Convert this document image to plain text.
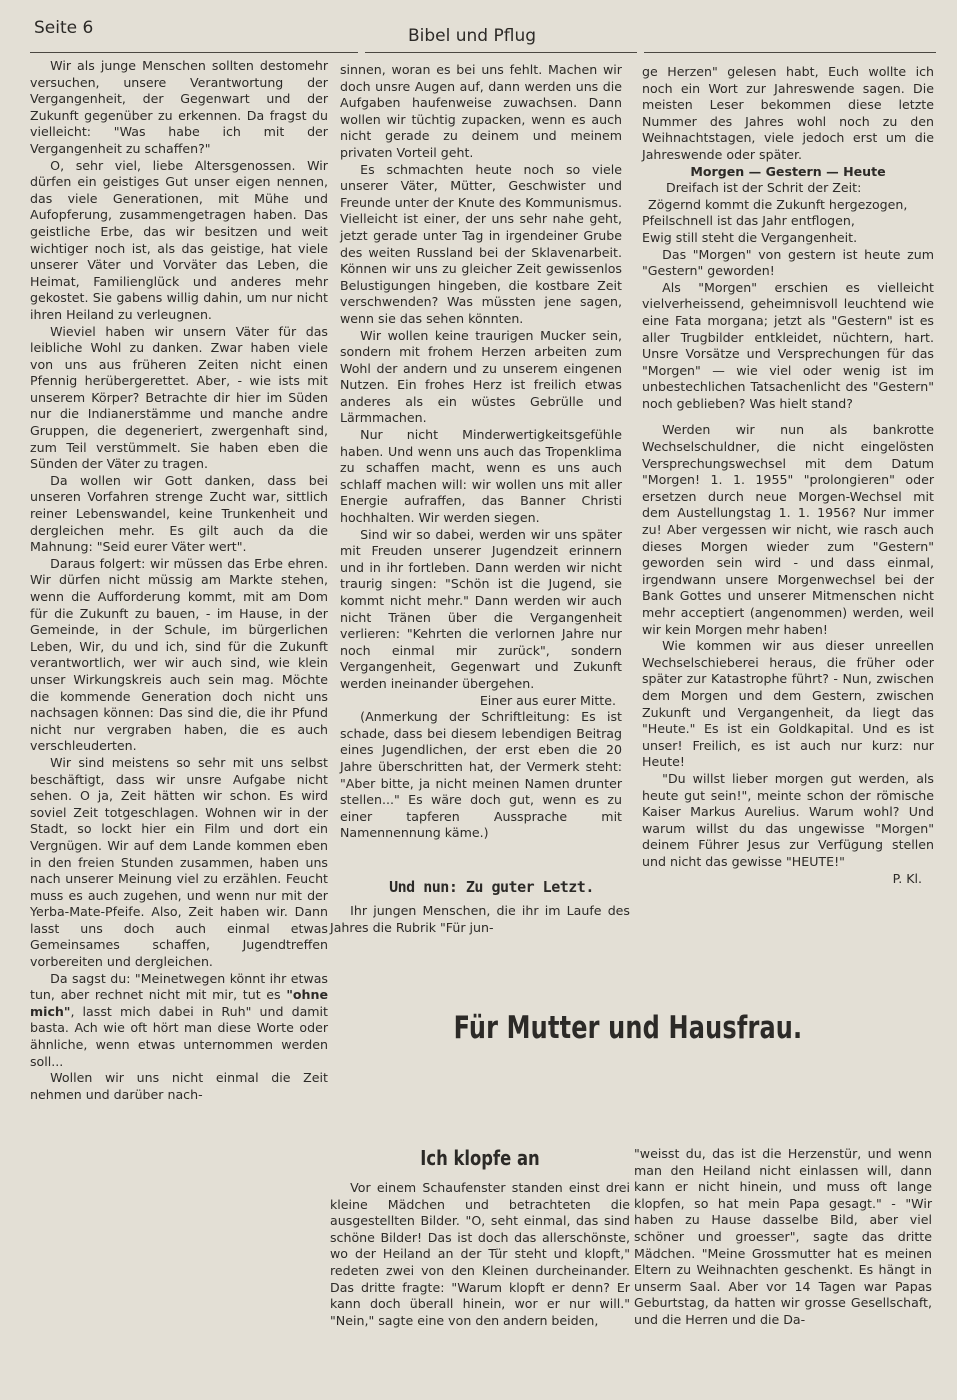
Seite 6	Bibel und Pflug

Wir als junge Menschen sollten destomehr versuchen, unsere Verantwortung der Vergangenheit, der Gegenwart und der Zukunft gegenüber zu erkennen. Da fragst du vielleicht: "Was habe ich mit der Vergangenheit zu schaffen?"

O, sehr viel, liebe Altersgenossen. Wir dürfen ein geistiges Gut unser eigen nennen, das viele Generationen, mit Mühe und Aufopferung, zusammengetragen haben. Das geistliche Erbe, das wir besitzen und weit wichtiger noch ist, als das geistige, hat viele unserer Väter und Vorväter das Leben, die Heimat, Familienglück und anderes mehr gekostet. Sie gabens willig dahin, um nur nicht ihren Heiland zu verleugnen.

Wieviel haben wir unsern Väter für das leibliche Wohl zu danken. Zwar haben viele von uns aus früheren Zeiten nicht einen Pfennig herübergerettet. Aber, - wie ists mit unserem Körper? Betrachte dir hier im Süden nur die Indianerstämme und manche andre Gruppen, die degeneriert, zwergenhaft sind, zum Teil verstümmelt. Sie haben eben die Sünden der Väter zu tragen.

Da wollen wir Gott danken, dass bei unseren Vorfahren strenge Zucht war, sittlich reiner Lebenswandel, keine Trunkenheit und dergleichen mehr. Es gilt auch da die Mahnung: "Seid eurer Väter wert".

Daraus folgert: wir müssen das Erbe ehren. Wir dürfen nicht müssig am Markte stehen, wenn die Aufforderung kommt, mit am Dom für die Zukunft zu bauen, - im Hause, in der Gemeinde, in der Schule, im bürgerlichen Leben, Wir, du und ich, sind für die Zukunft verantwortlich, wer wir auch sind, wie klein unser Wirkungskreis auch sein mag. Möchte die kommende Generation doch nicht uns nachsagen können: Das sind die, die ihr Pfund nicht nur vergraben haben, die es auch verschleuderten.

Wir sind meistens so sehr mit uns selbst beschäftigt, dass wir unsre Aufgabe nicht sehen. O ja, Zeit hätten wir schon. Es wird soviel Zeit totgeschlagen. Wohnen wir in der Stadt, so lockt hier ein Film und dort ein Vergnügen. Wir auf dem Lande kommen eben in den freien Stunden zusammen, haben uns nach unserer Meinung viel zu erzählen. Feucht muss es auch zugehen, und wenn nur mit der Yerba-Mate-Pfeife. Also, Zeit haben wir. Dann lasst uns doch auch einmal etwas Gemeinsames schaffen, Jugendtreffen vorbereiten und dergleichen.

Da sagst du: "Meinetwegen könnt ihr etwas tun, aber rechnet nicht mit mir, tut es "ohne mich", lasst mich dabei in Ruh" und damit basta. Ach wie oft hört man diese Worte oder ähnliche, wenn etwas unternommen werden soll...

Wollen wir uns nicht einmal die Zeit nehmen und darüber nach-

sinnen, woran es bei uns fehlt. Machen wir doch unsre Augen auf, dann werden uns die Aufgaben haufenweise zuwachsen. Dann wollen wir tüchtig zupacken, wenn es auch nicht gerade zu deinem und meinem privaten Vorteil geht.

Es schmachten heute noch so viele unserer Väter, Mütter, Geschwister und Freunde unter der Knute des Kommunismus. Vielleicht ist einer, der uns sehr nahe geht, jetzt gerade unter Tag in irgendeiner Grube des weiten Russland bei der Sklavenarbeit. Können wir uns zu gleicher Zeit gewissenlos Belustigungen hingeben, die kostbare Zeit verschwenden? Was müssten jene sagen, wenn sie das sehen könnten.

Wir wollen keine traurigen Mucker sein, sondern mit frohem Herzen arbeiten zum Wohl der andern und zu unserem eingenen Nutzen. Ein frohes Herz ist freilich etwas anderes als ein wüstes Gebrülle und Lärmmachen.

Nur nicht Minderwertigkeitsgefühle haben. Und wenn uns auch das Tropenklima zu schaffen macht, wenn es uns auch schlaff machen will: wir wollen uns mit aller Energie aufraffen, das Banner Christi hochhalten. Wir werden siegen.

Sind wir so dabei, werden wir uns später mit Freuden unserer Jugendzeit erinnern und in ihr fortleben. Dann werden wir nicht traurig singen: "Schön ist die Jugend, sie kommt nicht mehr." Dann werden wir auch nicht Tränen über die Vergangenheit verlieren: "Kehrten die verlornen Jahre nur noch einmal mir zurück", sondern Vergangenheit, Gegenwart und Zukunft werden ineinander übergehen.

Einer aus eurer Mitte.

(Anmerkung der Schriftleitung: Es ist schade, dass bei diesem lebendigen Beitrag eines Jugendlichen, der erst eben die 20 Jahre überschritten hat, der Vermerk steht: "Aber bitte, ja nicht meinen Namen drunter stellen..." Es wäre doch gut, wenn es zu einer tapferen Aussprache mit Namennennung käme.)

Und nun: Zu guter Letzt.

Ihr jungen Menschen, die ihr im Laufe des Jahres die Rubrik "Für jun-

ge Herzen" gelesen habt, Euch wollte ich noch ein Wort zur Jahreswende sagen. Die meisten Leser bekommen diese letzte Nummer des Jahres wohl noch zu den Weihnachtstagen, viele jedoch erst um die Jahreswende oder später.

Morgen — Gestern — Heute

Dreifach ist der Schrit der Zeit:

Zögernd kommt die Zukunft hergezogen,

Pfeilschnell ist das Jahr entflogen,

Ewig still steht die Vergangenheit.

Das "Morgen" von gestern ist heute zum "Gestern" geworden!

Als "Morgen" erschien es vielleicht vielverheissend, geheimnisvoll leuchtend wie eine Fata morgana; jetzt als "Gestern" ist es aller Trugbilder entkleidet, nüchtern, hart. Unsre Vorsätze und Versprechungen für das "Morgen" — wie viel oder wenig ist im unbestechlichen Tatsachenlicht des "Gestern" noch geblieben? Was hielt stand?

Werden wir nun als bankrotte Wechselschuldner, die nicht eingelösten Versprechungswechsel mit dem Datum "Morgen! 1. 1. 1955" "prolongieren" oder ersetzen durch neue Morgen-Wechsel mit dem Austellungstag 1. 1. 1956? Nur immer zu! Aber vergessen wir nicht, wie rasch auch dieses Morgen wieder zum "Gestern" geworden sein wird - und dass einmal, irgendwann unsere Morgenwechsel bei der Bank Gottes und unserer Mitmenschen nicht mehr acceptiert (angenommen) werden, weil wir kein Morgen mehr haben!

Wie kommen wir aus dieser unreellen Wechselschieberei heraus, die früher oder später zur Katastrophe führt? - Nun, zwischen dem Morgen und dem Gestern, zwischen Zukunft und Vergangenheit, da liegt das "Heute." Es ist ein Goldkapital. Und es ist unser! Freilich, es ist auch nur kurz: nur Heute!

"Du willst lieber morgen gut werden, als heute gut sein!", meinte schon der römische Kaiser Markus Aurelius. Warum wohl? Und warum willst du das ungewisse "Morgen" deinem Führer Jesus zur Verfügung stellen und nicht das gewisse "HEUTE!"

P. Kl.

Für Mutter und Hausfrau.
Ich klopfe an

Vor einem Schaufenster standen einst drei kleine Mädchen und betrachteten die ausgestellten Bilder. "O, seht einmal, das sind schöne Bilder! Das ist doch das allerschönste, wo der Heiland an der Tür steht und klopft," redeten zwei von den Kleinen durcheinander. Das dritte fragte: "Warum klopft er denn? Er kann doch überall hinein, wor er nur will." "Nein," sagte eine von den andern beiden,

"weisst du, das ist die Herzenstür, und wenn man den Heiland nicht einlassen will, dann kann er nicht hinein, und muss oft lange klopfen, so hat mein Papa gesagt." - "Wir haben zu Hause dasselbe Bild, aber viel schöner und groesser", sagte das dritte Mädchen. "Meine Grossmutter hat es meinen Eltern zu Weihnachten geschenkt. Es hängt in unserm Saal. Aber vor 14 Tagen war Papas Geburtstag, da hatten wir grosse Gesellschaft, und die Herren und die Da-
